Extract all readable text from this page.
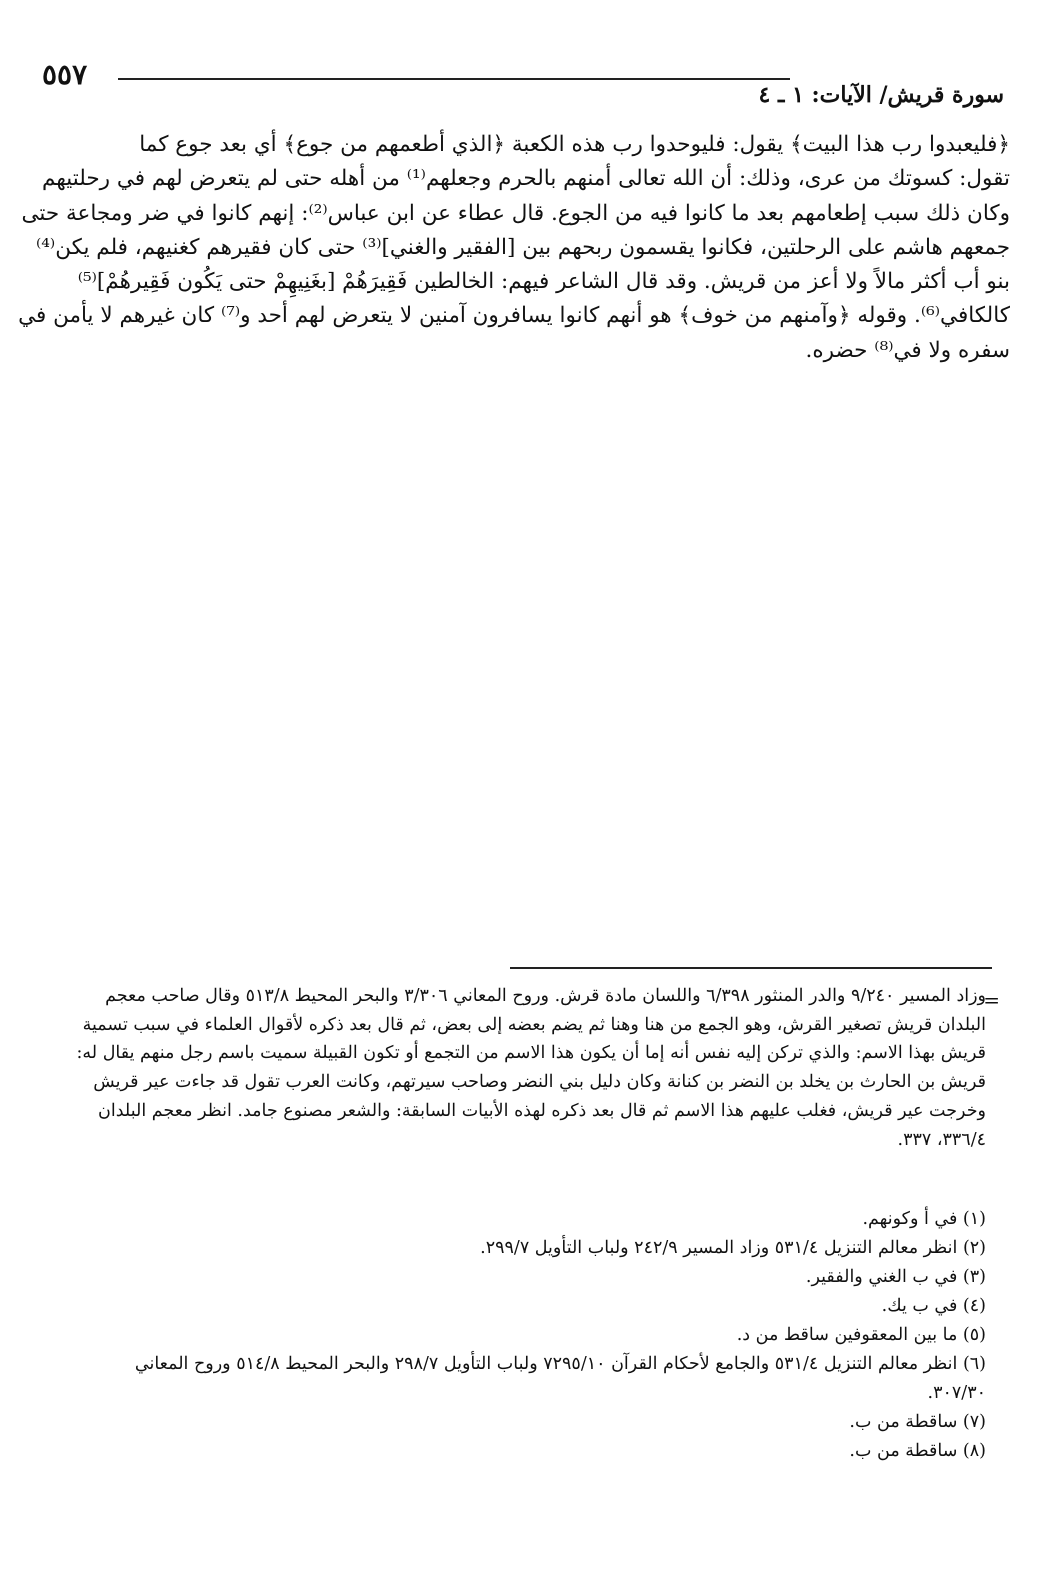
٥٥٧
سورة قريش/ الآيات: ١ ـ ٤
﴿فليعبدوا رب هذا البيت﴾ يقول: فليوحدوا رب هذه الكعبة ﴿الذي أطعمهم من جوع﴾ أي بعد جوع كما
تقول: كسوتك من عرى، وذلك: أن الله تعالى أمنهم بالحرم وجعلهم⁽¹⁾ من أهله حتى لم يتعرض لهم في رحلتيهم
وكان ذلك سبب إطعامهم بعد ما كانوا فيه من الجوع. قال عطاء عن ابن عباس⁽²⁾: إنهم كانوا في ضر ومجاعة حتى
جمعهم هاشم على الرحلتين، فكانوا يقسمون ربحهم بين [الفقير والغني]⁽³⁾ حتى كان فقيرهم كغنيهم، فلم يكن⁽⁴⁾
بنو أب أكثر مالاً ولا أعز من قريش. وقد قال الشاعر فيهم: الخالطين فَقِيرَهُمْ [بغَنِيهِمْ حتى يَكُون فَقِيرهُمْ]⁽⁵⁾
كالكافي⁽⁶⁾. وقوله ﴿وآمنهم من خوف﴾ هو أنهم كانوا يسافرون آمنين لا يتعرض لهم أحد و⁽⁷⁾ كان غيرهم لا يأمن في
سفره ولا في⁽⁸⁾ حضره.
=
وزاد المسير ٩/٢٤٠ والدر المنثور ٦/٣٩٨ واللسان مادة قرش. وروح المعاني ٣/٣٠٦ والبحر المحيط ٥١٣/٨ وقال صاحب معجم
البلدان قريش تصغير القرش، وهو الجمع من هنا وهنا ثم يضم بعضه إلى بعض، ثم قال بعد ذكره لأقوال العلماء في سبب تسمية
قريش بهذا الاسم: والذي تركن إليه نفس أنه إما أن يكون هذا الاسم من التجمع أو تكون القبيلة سميت باسم رجل منهم يقال له:
قريش بن الحارث بن يخلد بن النضر بن كنانة وكان دليل بني النضر وصاحب سيرتهم، وكانت العرب تقول قد جاءت عير قريش
وخرجت عير قريش، فغلب عليهم هذا الاسم ثم قال بعد ذكره لهذه الأبيات السابقة: والشعر مصنوع جامد. انظر معجم البلدان
٣٣٦/٤، ٣٣٧.
(١) في أ وكونهم.
(٢) انظر معالم التنزيل ٥٣١/٤ وزاد المسير ٢٤٢/٩ ولباب التأويل ٢٩٩/٧.
(٣) في ب الغني والفقير.
(٤) في ب يك.
(٥) ما بين المعقوفين ساقط من د.
(٦) انظر معالم التنزيل ٥٣١/٤ والجامع لأحكام القرآن ٧٢٩٥/١٠ ولباب التأويل ٢٩٨/٧ والبحر المحيط ٥١٤/٨ وروح المعاني
٣٠٧/٣٠.
(٧) ساقطة من ب.
(٨) ساقطة من ب.
